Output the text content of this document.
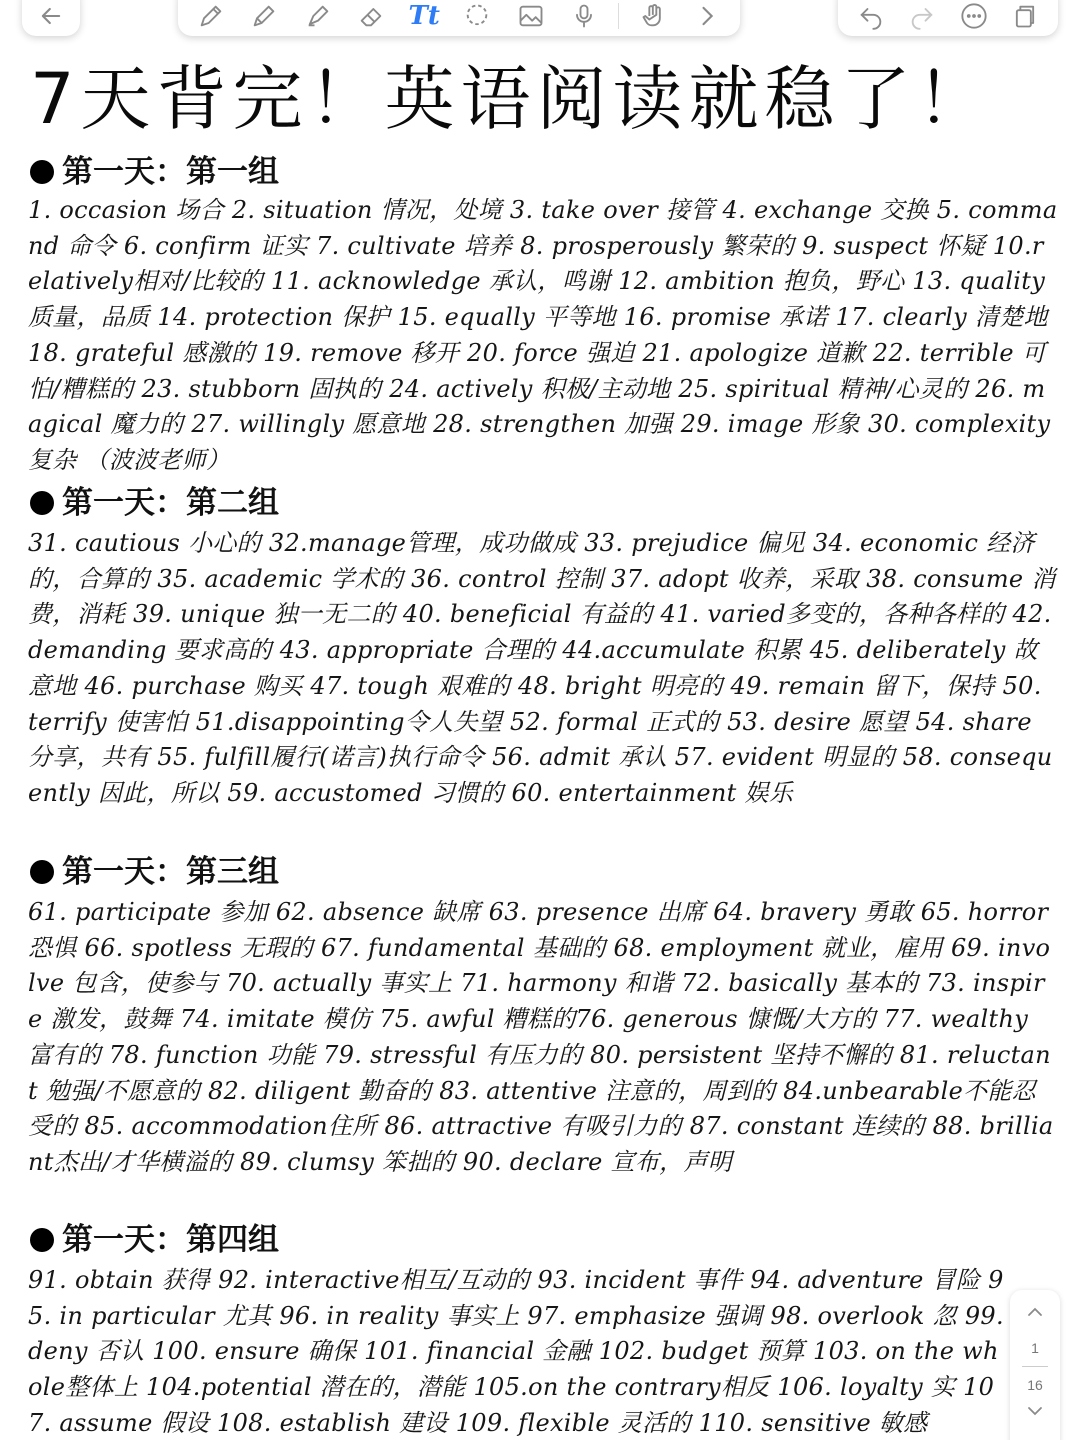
Tt
7天背完！英语阅读就稳了！
第一天：第一组
1. occasion 场合 2. situation 情况，处境 3. take over 接管 4. exchange 交换 5. command 命令 6. confirm 证实 7. cultivate 培养 8. prosperously 繁荣的 9. suspect 怀疑 10.relatively相对/比较的 11. acknowledge 承认，鸣谢 12. ambition 抱负，野心 13. quality 质量，品质 14. protection 保护 15. equally 平等地 16. promise 承诺 17. clearly 清楚地 18. grateful 感激的 19. remove 移开 20. force 强迫 21. apologize 道歉 22. terrible 可怕/糟糕的 23. stubborn 固执的 24. actively 积极/主动地 25. spiritual 精神/心灵的 26. magical 魔力的 27. willingly 愿意地 28. strengthen 加强 29. image 形象 30. complexity 复杂 （波波老师）
第一天：第二组
31. cautious 小心的 32.manage管理，成功做成 33. prejudice 偏见 34. economic 经济的，合算的 35. academic 学术的 36. control 控制 37. adopt 收养，采取 38. consume 消费，消耗 39. unique 独一无二的 40. beneficial 有益的 41. varied多变的，各种各样的 42. demanding 要求高的 43. appropriate 合理的 44.accumulate 积累 45. deliberately 故意地 46. purchase 购买 47. tough 艰难的 48. bright 明亮的 49. remain 留下，保持 50. terrify 使害怕 51.disappointing令人失望 52. formal 正式的 53. desire 愿望 54. share 分享，共有 55. fulfill履行(诺言)执行命令 56. admit 承认 57. evident 明显的 58. consequently 因此，所以 59. accustomed 习惯的 60. entertainment 娱乐
第一天：第三组
61. participate 参加 62. absence 缺席 63. presence 出席 64. bravery 勇敢 65. horror 恐惧 66. spotless 无瑕的 67. fundamental 基础的 68. employment 就业，雇用 69. involve 包含，使参与 70. actually 事实上 71. harmony 和谐 72. basically 基本的 73. inspire 激发，鼓舞 74. imitate 模仿 75. awful 糟糕的76. generous 慷慨/大方的 77. wealthy 富有的 78. function 功能 79. stressful 有压力的 80. persistent 坚持不懈的 81. reluctant 勉强/不愿意的 82. diligent 勤奋的 83. attentive 注意的，周到的 84.unbearable不能忍受的 85. accommodation住所 86. attractive 有吸引力的 87. constant 连续的 88. brilliant杰出/才华横溢的 89. clumsy 笨拙的 90. declare 宣布，声明
第一天：第四组
91. obtain 获得 92. interactive相互/互动的 93. incident 事件 94. adventure 冒险 95. in particular 尤其 96. in reality 事实上 97. emphasize 强调 98. overlook 忽 99. deny 否认 100. ensure 确保 101. financial 金融 102. budget 预算 103. on the whole整体上 104.potential 潜在的，潜能 105.on the contrary相反 106. loyalty 实 107. assume 假设 108. establish 建设 109. flexible 灵活的 110. sensitive 敏感
1
16
